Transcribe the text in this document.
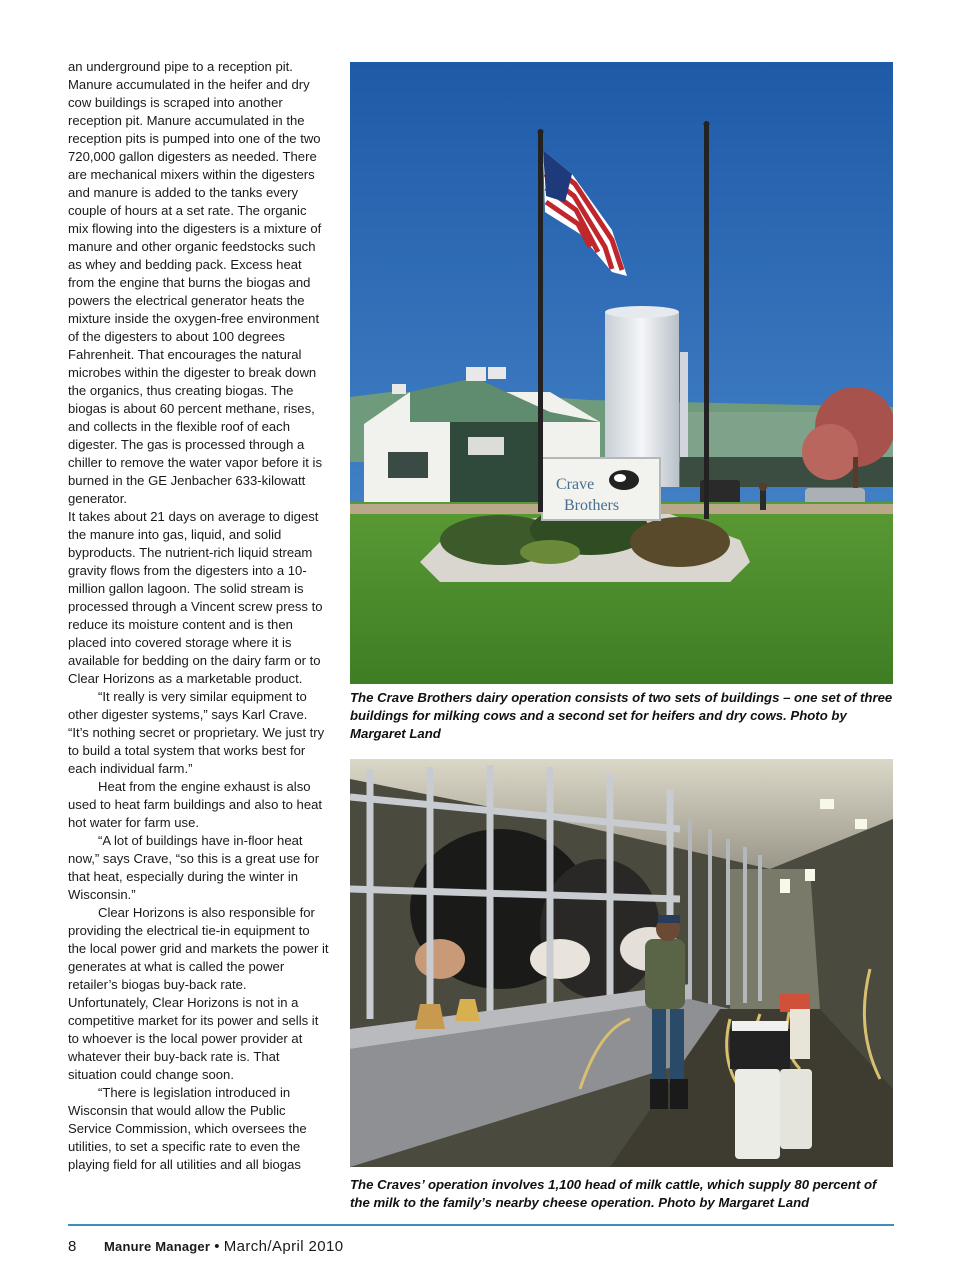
an underground pipe to a reception pit. Manure accumulated in the heifer and dry cow buildings is scraped into another reception pit. Manure accumulated in the reception pits is pumped into one of the two 720,000 gallon digesters as needed. There are mechanical mixers within the digesters and manure is added to the tanks every couple of hours at a set rate. The organic mix flowing into the digesters is a mixture of manure and other organic feedstocks such as whey and bedding pack. Excess heat from the engine that burns the biogas and powers the electrical generator heats the mixture inside the oxygen-free environment of the digesters to about 100 degrees Fahrenheit. That encourages the natural microbes within the digester to break down the organics, thus creating biogas. The biogas is about 60 percent methane, rises, and collects in the flexible roof of each digester. The gas is processed through a chiller to remove the water vapor before it is burned in the GE Jenbacher 633-kilowatt generator.

It takes about 21 days on average to digest the manure into gas, liquid, and solid byproducts. The nutrient-rich liquid stream gravity flows from the digesters into a 10-million gallon lagoon. The solid stream is processed through a Vincent screw press to reduce its moisture content and is then placed into covered storage where it is available for bedding on the dairy farm or to Clear Horizons as a marketable product.

“It really is very similar equipment to other digester systems,” says Karl Crave. “It’s nothing secret or proprietary. We just try to build a total system that works best for each individual farm.”

Heat from the engine exhaust is also used to heat farm buildings and also to heat hot water for farm use.

“A lot of buildings have in-floor heat now,” says Crave, “so this is a great use for that heat, especially during the winter in Wisconsin.”

Clear Horizons is also responsible for providing the electrical tie-in equipment to the local power grid and markets the power it generates at what is called the power retailer’s biogas buy-back rate. Unfortunately, Clear Horizons is not in a competitive market for its power and sells it to whoever is the local power provider at whatever their buy-back rate is. That situation could change soon.

“There is legislation introduced in Wisconsin that would allow the Public Service Commission, which oversees the utilities, to set a specific rate to even the playing field for all utilities and all biogas

Crave
Brothers
The Crave Brothers dairy operation consists of two sets of buildings – one set of three buildings for milking cows and a second set for heifers and dry cows. Photo by Margaret Land
The Craves’ operation involves 1,100 head of milk cattle, which supply 80 percent of the milk to the family’s nearby cheese operation. Photo by Margaret Land
8 Manure Manager • March/April 2010
